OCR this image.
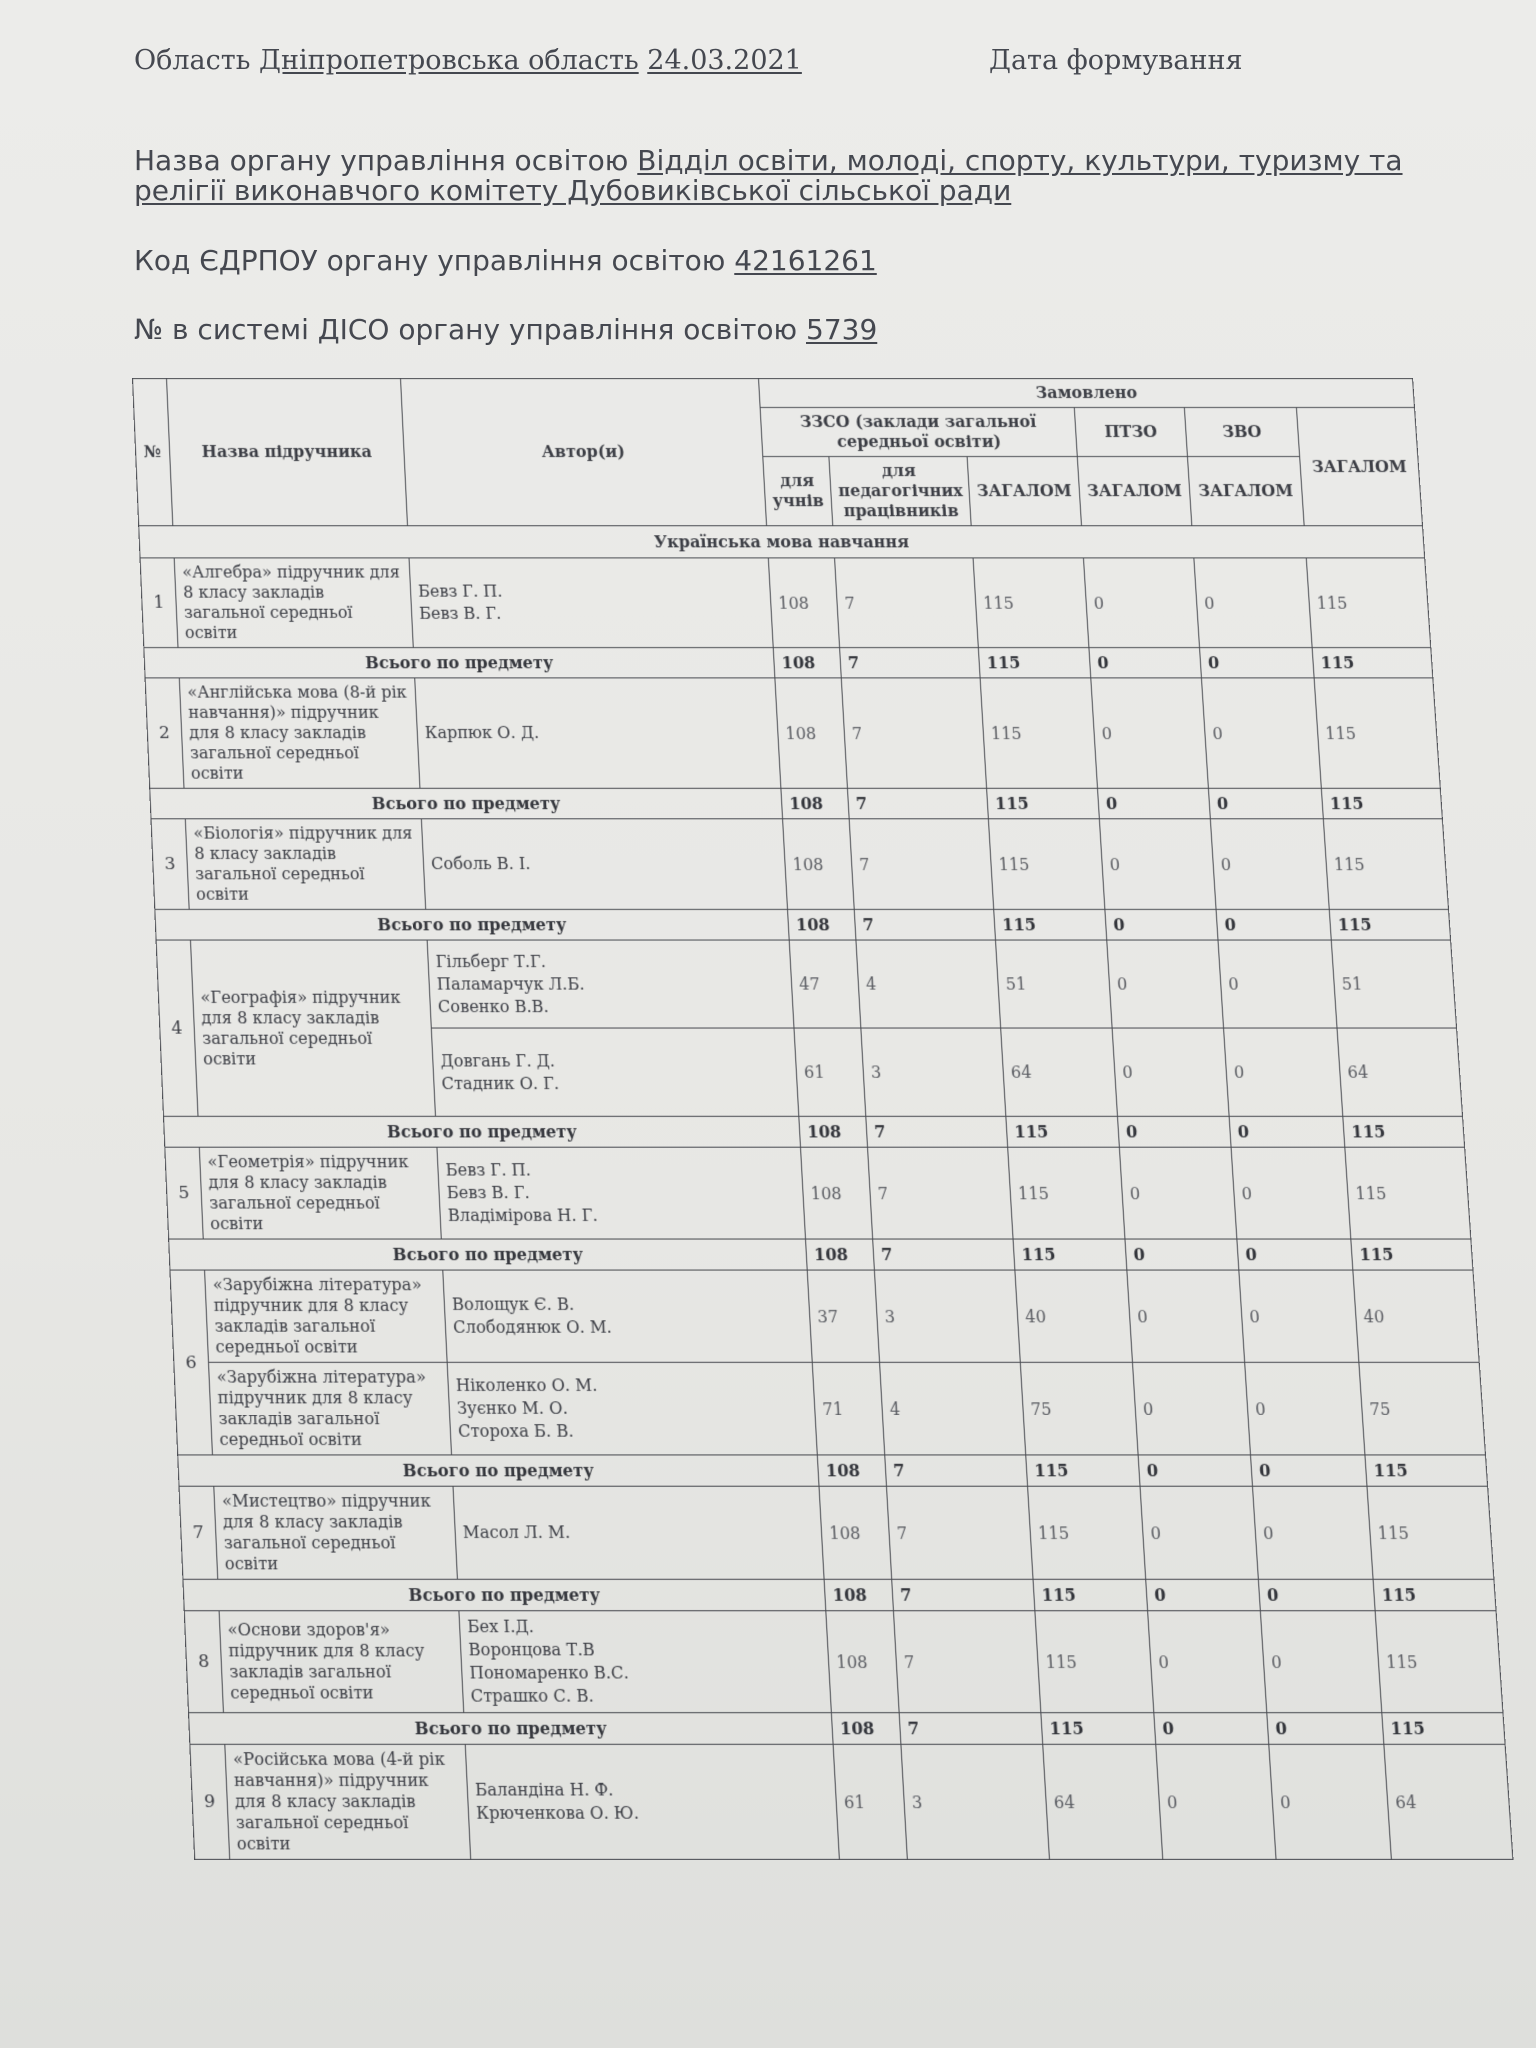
Область Дніпропетровська область	Дата формування
24.03.2021
Назва органу управління освітою Відділ освіти, молоді, спорту, культури, туризму та релігії виконавчого комітету Дубовиківської сільської ради
Код ЄДРПОУ органу управління освітою 42161261
№ в системі ДІСО органу управління освітою 5739
№	Назва підручника	Автор(и)	Замовлено					
			ЗЗСО (заклади загальної середньої освіти)			ПТЗО	ЗВО	ЗАГАЛОМ
			для учнів	для педагогічних працівників	ЗАГАЛОМ	ЗАГАЛОМ	ЗАГАЛОМ	
Українська мова навчання								
1	«Алгебра» підручник для 8 класу закладів загальної середньої освіти	Бевз Г. П.
Бевз В. Г.	108	7	115	0	0	115
Всього по предмету			108	7	115	0	0	115
2	«Англійська мова (8-й рік навчання)» підручник для 8 класу закладів загальної середньої освіти	Карпюк О. Д.	108	7	115	0	0	115
Всього по предмету			108	7	115	0	0	115
3	«Біологія» підручник для 8 класу закладів загальної середньої освіти	Соболь В. І.	108	7	115	0	0	115
Всього по предмету			108	7	115	0	0	115
4	«Географія» підручник для 8 класу закладів загальної середньої освіти	Гільберг Т.Г.
Паламарчук Л.Б.
Совенко В.В.	47	4	51	0	0	51

		Довгань Г. Д.
Стадник О. Г.	61	3	64	0	0	64
Всього по предмету			108	7	115	0	0	115
5	«Геометрія» підручник для 8 класу закладів загальної середньої освіти	Бевз Г. П.
Бевз В. Г.
Владімірова Н. Г.	108	7	115	0	0	115
Всього по предмету			108	7	115	0	0	115
6	«Зарубіжна література» підручник для 8 класу закладів загальної середньої освіти	Волощук Є. В.
Слободянюк О. М.	37	3	40	0	0	40
	«Зарубіжна література» підручник для 8 класу закладів загальної середньої освіти	Ніколенко О. М.
Зуєнко М. О.
Стороха Б. В.	71	4	75	0	0	75
Всього по предмету			108	7	115	0	0	115
7	«Мистецтво» підручник для 8 класу закладів загальної середньої освіти	Масол Л. М.	108	7	115	0	0	115
Всього по предмету			108	7	115	0	0	115
8	«Основи здоров'я» підручник для 8 класу закладів загальної середньої освіти	Бех І.Д.
Воронцова Т.В
Пономаренко В.С.
Страшко С. В.	108	7	115	0	0	115
Всього по предмету			108	7	115	0	0	115
9	«Російська мова (4-й рік навчання)» підручник для 8 класу закладів загальної середньої освіти	Баландіна Н. Ф.
Крюченкова О. Ю.	61	3	64	0	0	64
